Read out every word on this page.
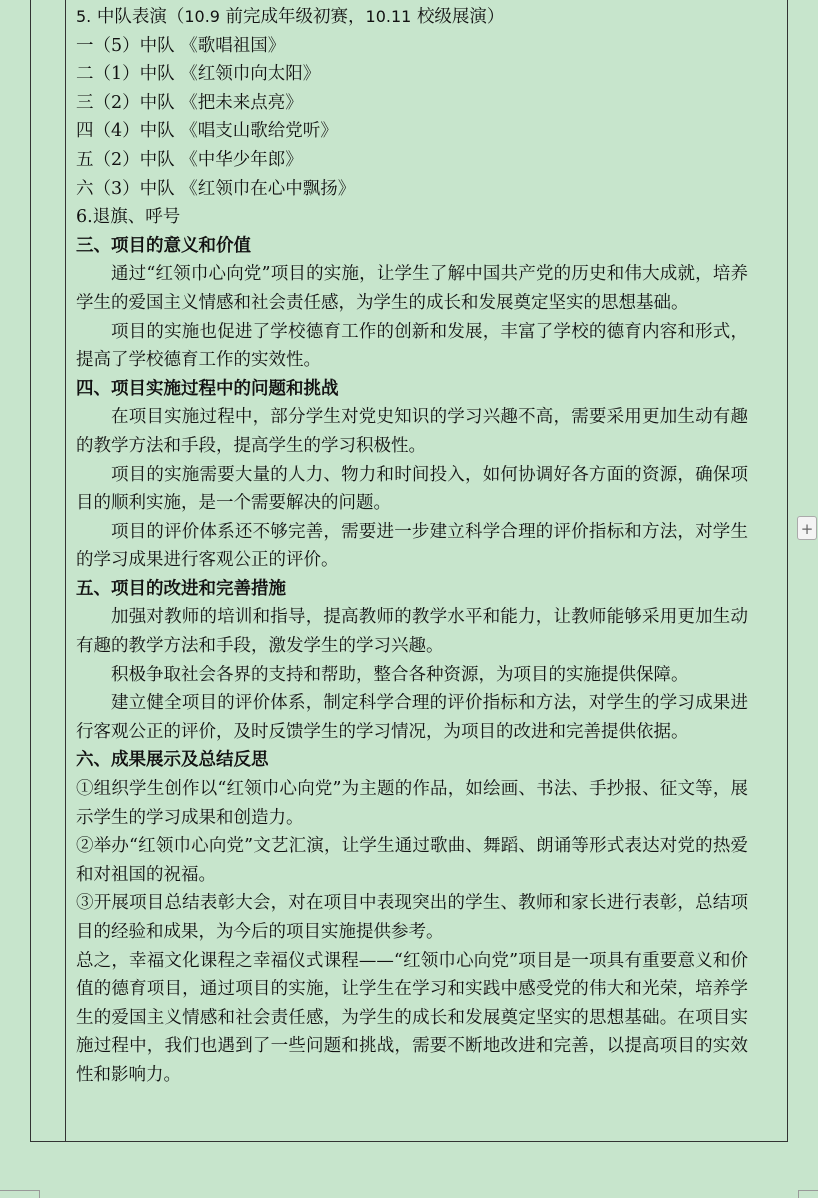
5. 中队表演（10.9 前完成年级初赛，10.11 校级展演）
一（5）中队 《歌唱祖国》
二（1）中队 《红领巾向太阳》
三（2）中队 《把未来点亮》
四（4）中队 《唱支山歌给党听》
五（2）中队 《中华少年郎》
六（3）中队 《红领巾在心中飘扬》
6.退旗、呼号
三、项目的意义和价值
通过“红领巾心向党”项目的实施，让学生了解中国共产党的历史和伟大成就，培养学生的爱国主义情感和社会责任感，为学生的成长和发展奠定坚实的思想基础。
项目的实施也促进了学校德育工作的创新和发展，丰富了学校的德育内容和形式，提高了学校德育工作的实效性。
四、项目实施过程中的问题和挑战
在项目实施过程中，部分学生对党史知识的学习兴趣不高，需要采用更加生动有趣的教学方法和手段，提高学生的学习积极性。
项目的实施需要大量的人力、物力和时间投入，如何协调好各方面的资源，确保项目的顺利实施，是一个需要解决的问题。
项目的评价体系还不够完善，需要进一步建立科学合理的评价指标和方法，对学生的学习成果进行客观公正的评价。
五、项目的改进和完善措施
加强对教师的培训和指导，提高教师的教学水平和能力，让教师能够采用更加生动有趣的教学方法和手段，激发学生的学习兴趣。
积极争取社会各界的支持和帮助，整合各种资源，为项目的实施提供保障。
建立健全项目的评价体系，制定科学合理的评价指标和方法，对学生的学习成果进行客观公正的评价，及时反馈学生的学习情况，为项目的改进和完善提供依据。
六、成果展示及总结反思
①组织学生创作以“红领巾心向党”为主题的作品，如绘画、书法、手抄报、征文等，展示学生的学习成果和创造力。
②举办“红领巾心向党”文艺汇演，让学生通过歌曲、舞蹈、朗诵等形式表达对党的热爱和对祖国的祝福。
③开展项目总结表彰大会，对在项目中表现突出的学生、教师和家长进行表彰，总结项目的经验和成果，为今后的项目实施提供参考。
总之，幸福文化课程之幸福仪式课程——“红领巾心向党”项目是一项具有重要意义和价值的德育项目，通过项目的实施，让学生在学习和实践中感受党的伟大和光荣，培养学生的爱国主义情感和社会责任感，为学生的成长和发展奠定坚实的思想基础。在项目实施过程中，我们也遇到了一些问题和挑战，需要不断地改进和完善，以提高项目的实效性和影响力。
+
